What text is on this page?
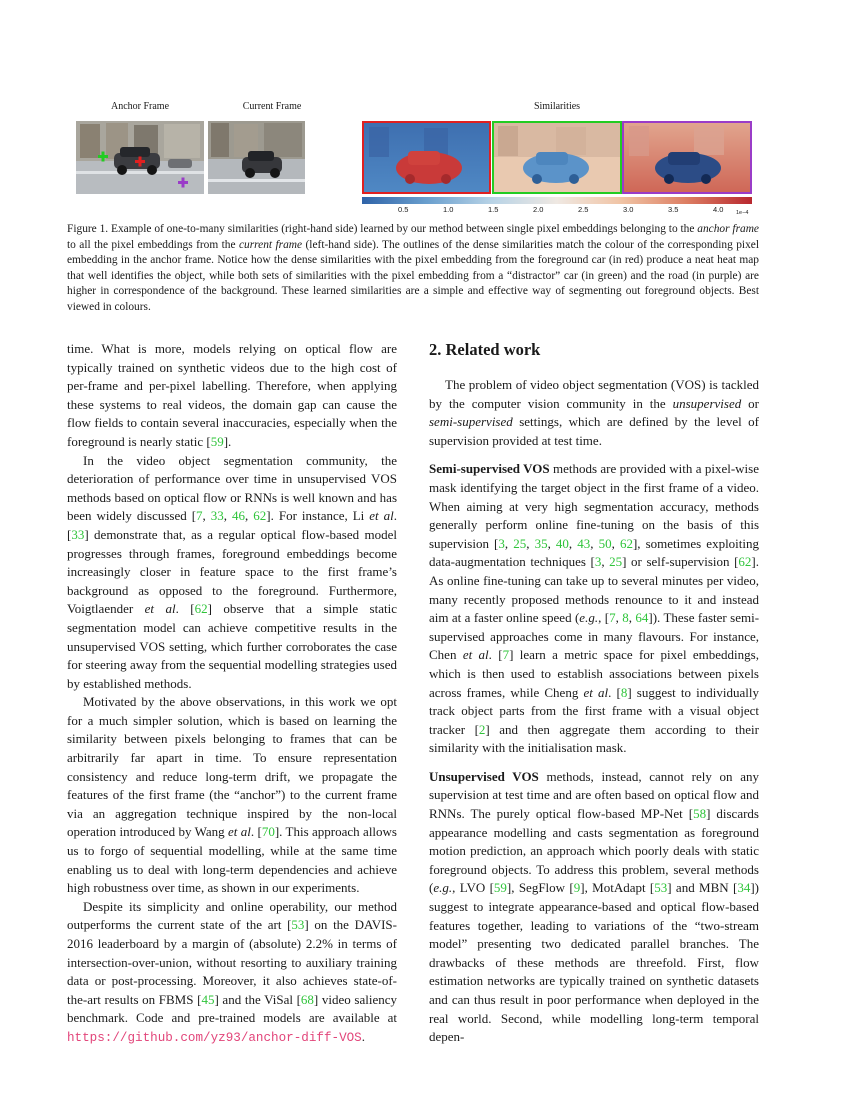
Anchor Frame	Current Frame	Similarities
0.5	1.0	1.5	2.0	2.5	3.0	3.5	4.0 1e−4
Figure 1. Example of one-to-many similarities (right-hand side) learned by our method between single pixel embeddings belonging to the anchor frame to all the pixel embeddings from the current frame (left-hand side). The outlines of the dense similarities match the colour of the corresponding pixel embedding in the anchor frame. Notice how the dense similarities with the pixel embedding from the foreground car (in red) produce a neat heat map that well identifies the object, while both sets of similarities with the pixel embedding from a “distractor” car (in green) and the road (in purple) are higher in correspondence of the background. These learned similarities are a simple and effective way of segmenting out foreground objects. Best viewed in colours.

time. What is more, models relying on optical flow are typically trained on synthetic videos due to the high cost of per-frame and per-pixel labelling. Therefore, when applying these systems to real videos, the domain gap can cause the flow fields to contain several inaccuracies, especially when the foreground is nearly static [59].

In the video object segmentation community, the deterioration of performance over time in unsupervised VOS methods based on optical flow or RNNs is well known and has been widely discussed [7, 33, 46, 62]. For instance, Li et al. [33] demonstrate that, as a regular optical flow-based model progresses through frames, foreground embeddings become increasingly closer in feature space to the first frame’s background as opposed to the foreground. Furthermore, Voigtlaender et al. [62] observe that a simple static segmentation model can achieve competitive results in the unsupervised VOS setting, which further corroborates the case for steering away from the sequential modelling strategies used by established methods.

Motivated by the above observations, in this work we opt for a much simpler solution, which is based on learning the similarity between pixels belonging to frames that can be arbitrarily far apart in time. To ensure representation consistency and reduce long-term drift, we propagate the features of the first frame (the “anchor”) to the current frame via an aggregation technique inspired by the non-local operation introduced by Wang et al. [70]. This approach allows us to forgo of sequential modelling, while at the same time enabling us to deal with long-term dependencies and achieve high robustness over time, as shown in our experiments.

Despite its simplicity and online operability, our method outperforms the current state of the art [53] on the DAVIS-2016 leaderboard by a margin of (absolute) 2.2% in terms of intersection-over-union, without resorting to auxiliary training data or post-processing. Moreover, it also achieves state-of-the-art results on FBMS [45] and the ViSal [68] video saliency benchmark. Code and pre-trained models are available at https://github.com/yz93/anchor-diff-VOS.

2. Related work

The problem of video object segmentation (VOS) is tackled by the computer vision community in the unsupervised or semi-supervised settings, which are defined by the level of supervision provided at test time.

Semi-supervised VOS methods are provided with a pixel-wise mask identifying the target object in the first frame of a video. When aiming at very high segmentation accuracy, methods generally perform online fine-tuning on the basis of this supervision [3, 25, 35, 40, 43, 50, 62], sometimes exploiting data-augmentation techniques [3, 25] or self-supervision [62]. As online fine-tuning can take up to several minutes per video, many recently proposed methods renounce to it and instead aim at a faster online speed (e.g., [7, 8, 64]). These faster semi-supervised approaches come in many flavours. For instance, Chen et al. [7] learn a metric space for pixel embeddings, which is then used to establish associations between pixels across frames, while Cheng et al. [8] suggest to individually track object parts from the first frame with a visual object tracker [2] and then aggregate them according to their similarity with the initialisation mask.

Unsupervised VOS methods, instead, cannot rely on any supervision at test time and are often based on optical flow and RNNs. The purely optical flow-based MP-Net [58] discards appearance modelling and casts segmentation as foreground motion prediction, an approach which poorly deals with static foreground objects. To address this problem, several methods (e.g., LVO [59], SegFlow [9], MotAdapt [53] and MBN [34]) suggest to integrate appearance-based and optical flow-based features together, leading to variations of the “two-stream model” presenting two dedicated parallel branches. The drawbacks of these methods are threefold. First, flow estimation networks are typically trained on synthetic datasets and can thus result in poor performance when deployed in the real world. Second, while modelling long-term temporal depen-
